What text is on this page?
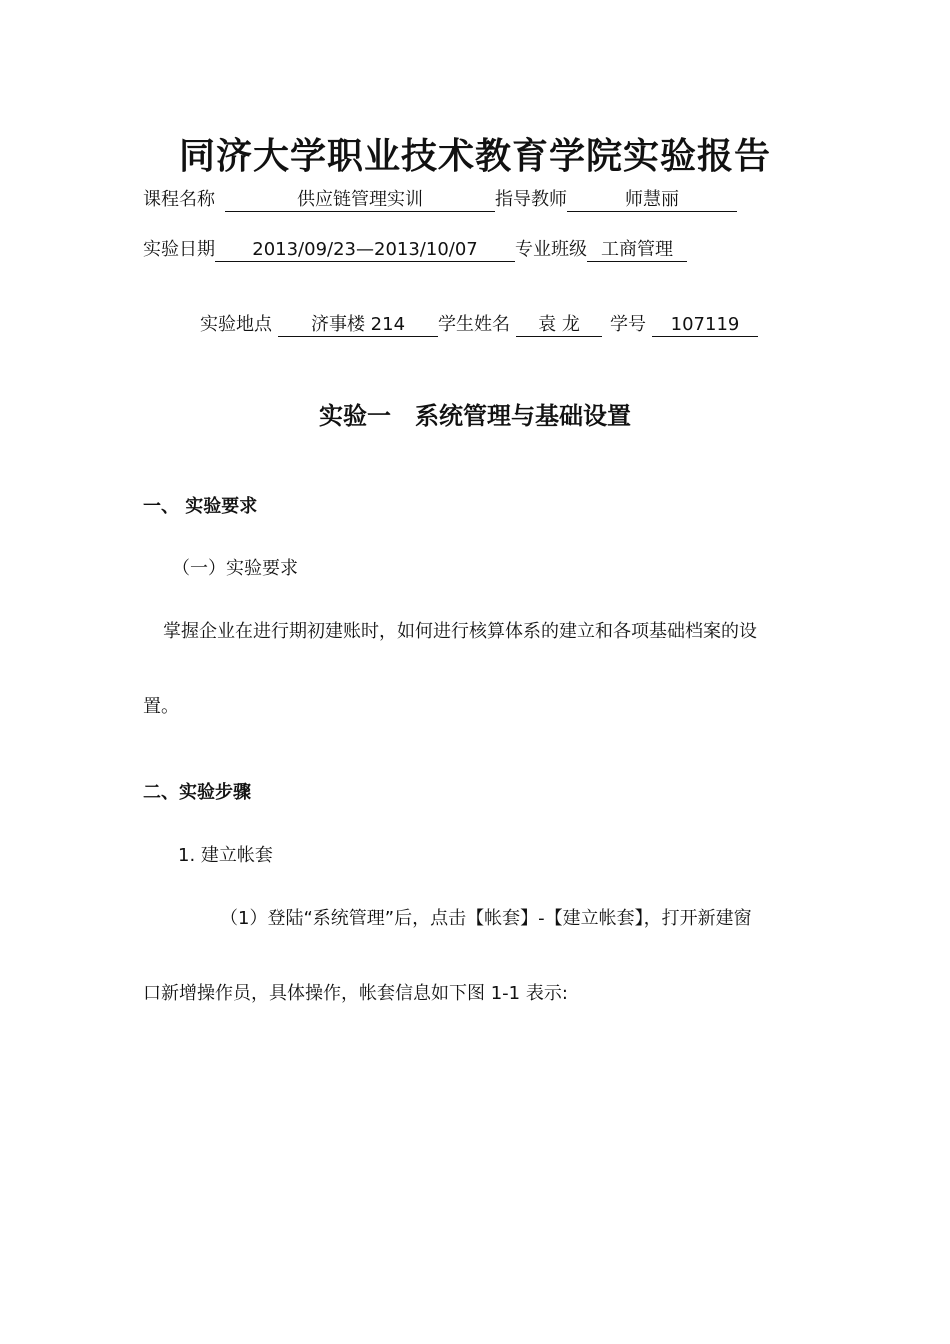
同济大学职业技术教育学院实验报告
课程名称	供应链管理实训	指导教师	师慧丽
实验日期 2013/09/23—2013/10/07 专业班级 工商管理
实验地点 济事楼 214 学生姓名 袁 龙 学号 107119
实验一　系统管理与基础设置
一、 实验要求
（一）实验要求
掌握企业在进行期初建账时，如何进行核算体系的建立和各项基础档案的设
置。
二、实验步骤
1. 建立帐套
（1）登陆“系统管理”后，点击【帐套】-【建立帐套】，打开新建窗
口新增操作员，具体操作，帐套信息如下图 1-1 表示:
